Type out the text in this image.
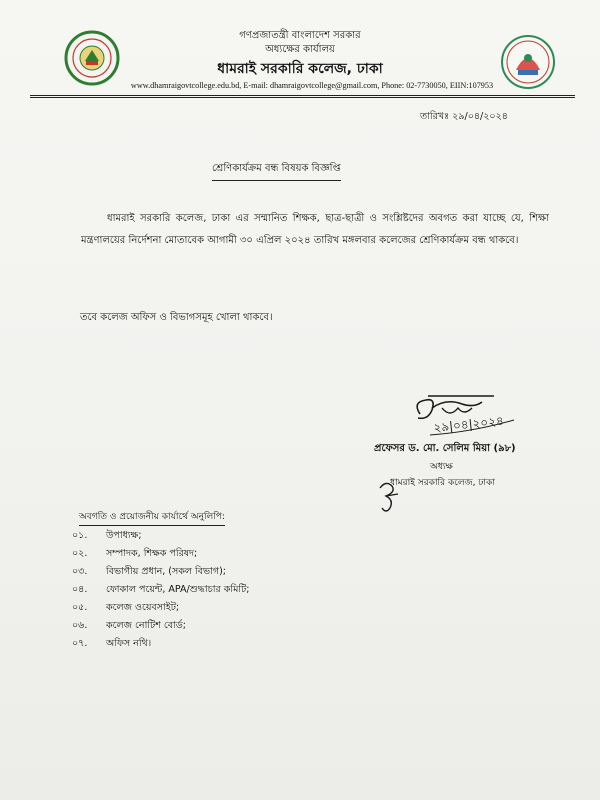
গণপ্রজাতন্ত্রী বাংলাদেশ সরকার
অধ্যক্ষের কার্যালয়
ধামরাই সরকারি কলেজ, ঢাকা
www.dhamraigovtcollege.edu.bd, E-mail: dhamraigovtcollege@gmail.com, Phone: 02-7730050, EIIN:107953
তারিখঃ ২৯/০৪/২০২৪
শ্রেণিকার্যক্রম বন্ধ বিষয়ক বিজ্ঞপ্তি
ধামরাই সরকারি কলেজ, ঢাকা এর সম্মানিত শিক্ষক, ছাত্র-ছাত্রী ও সংশ্লিষ্টদের অবগত করা যাচ্ছে যে, শিক্ষা মন্ত্রণালয়ের নির্দেশনা মোতাবেক আগামী ৩০ এপ্রিল ২০২৪ তারিখ মঙ্গলবার কলেজের শ্রেণিকার্যক্রম বন্ধ থাকবে।
তবে কলেজ অফিস ও বিভাগসমূহ খোলা থাকবে।
২৯|০৪|২০২৪
প্রফেসর ড. মো. সেলিম মিয়া (৯৮)
অধ্যক্ষ
ধামরাই সরকারি কলেজ, ঢাকা
অবগতি ও প্রয়োজনীয় কার্যার্থে অনুলিপি:
০১.	উপাধ্যক্ষ;
০২.	সম্পাদক, শিক্ষক পরিষদ;
০৩.	বিভাগীয় প্রধান, (সকল বিভাগ);
০৪.	ফোকাল পয়েন্ট, APA/শুদ্ধাচার কমিটি;
০৫.	কলেজ ওয়েবসাইট;
০৬.	কলেজ নোটিশ বোর্ড;
০৭.	অফিস নথি।
